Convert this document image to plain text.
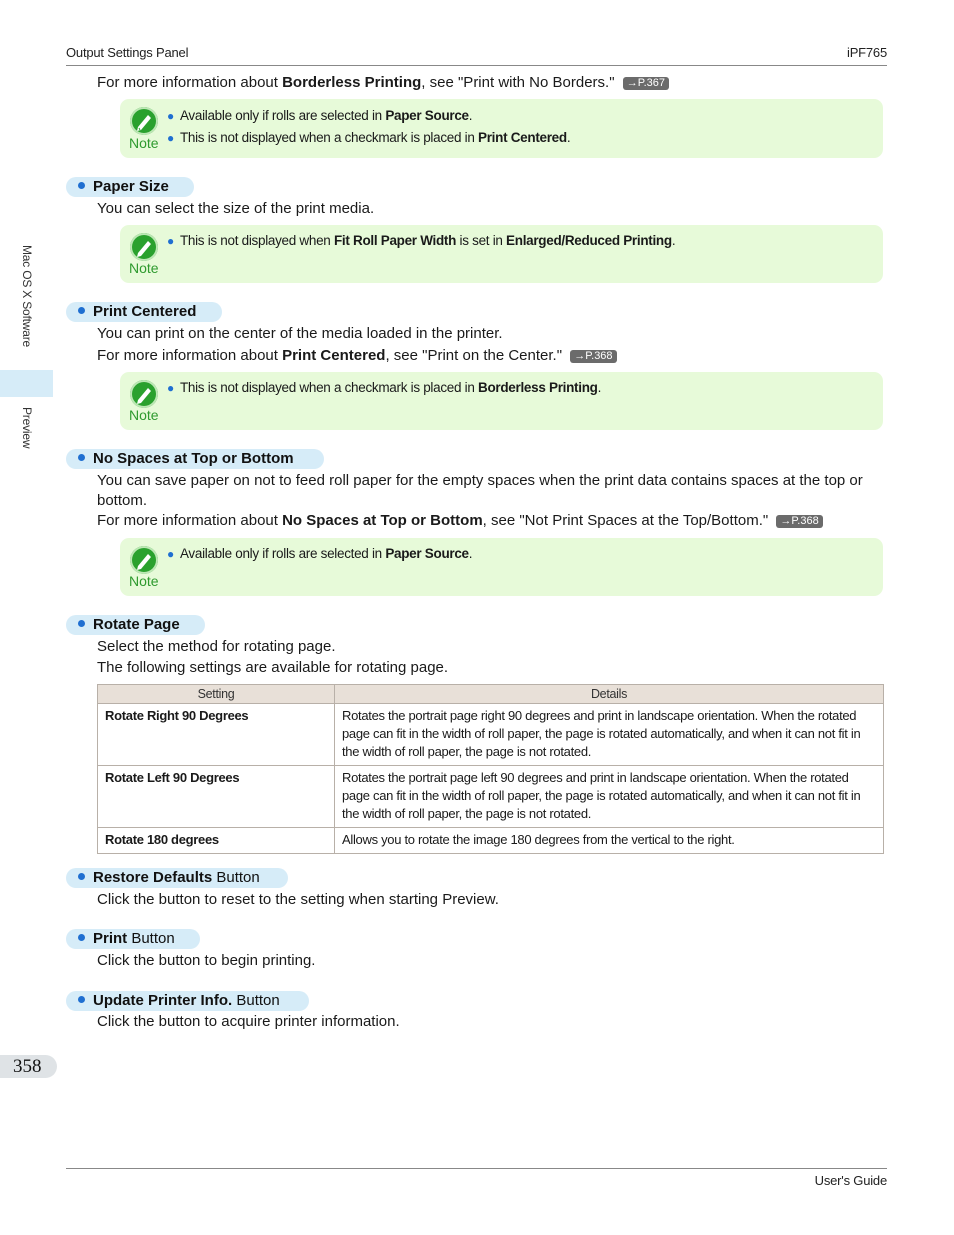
Output Settings Panel	iPF765
Mac OS X Software
Preview
For more information about Borderless Printing, see "Print with No Borders." →P.367
Note
● Available only if rolls are selected in Paper Source.
● This is not displayed when a checkmark is placed in Print Centered.
Paper Size
You can select the size of the print media.
Note
● This is not displayed when Fit Roll Paper Width is set in Enlarged/Reduced Printing.
Print Centered
You can print on the center of the media loaded in the printer.
For more information about Print Centered, see "Print on the Center." →P.368
Note
● This is not displayed when a checkmark is placed in Borderless Printing.
No Spaces at Top or Bottom
You can save paper on not to feed roll paper for the empty spaces when the print data contains spaces at the top or bottom.
For more information about No Spaces at Top or Bottom, see "Not Print Spaces at the Top/Bottom." →P.368
Note
● Available only if rolls are selected in Paper Source.
Rotate Page
Select the method for rotating page.
The following settings are available for rotating page.
Setting	Details
Rotate Right 90 Degrees	Rotates the portrait page right 90 degrees and print in landscape orientation. When the rotated page can fit in the width of roll paper, the page is rotated automatically, and when it can not fit in the width of roll paper, the page is not rotated.
Rotate Left 90 Degrees	Rotates the portrait page left 90 degrees and print in landscape orientation. When the rotated page can fit in the width of roll paper, the page is rotated automatically, and when it can not fit in the width of roll paper, the page is not rotated.
Rotate 180 degrees	Allows you to rotate the image 180 degrees from the vertical to the right.
Restore Defaults Button
Click the button to reset to the setting when starting Preview.
Print Button
Click the button to begin printing.
Update Printer Info. Button
Click the button to acquire printer information.
358
User's Guide
